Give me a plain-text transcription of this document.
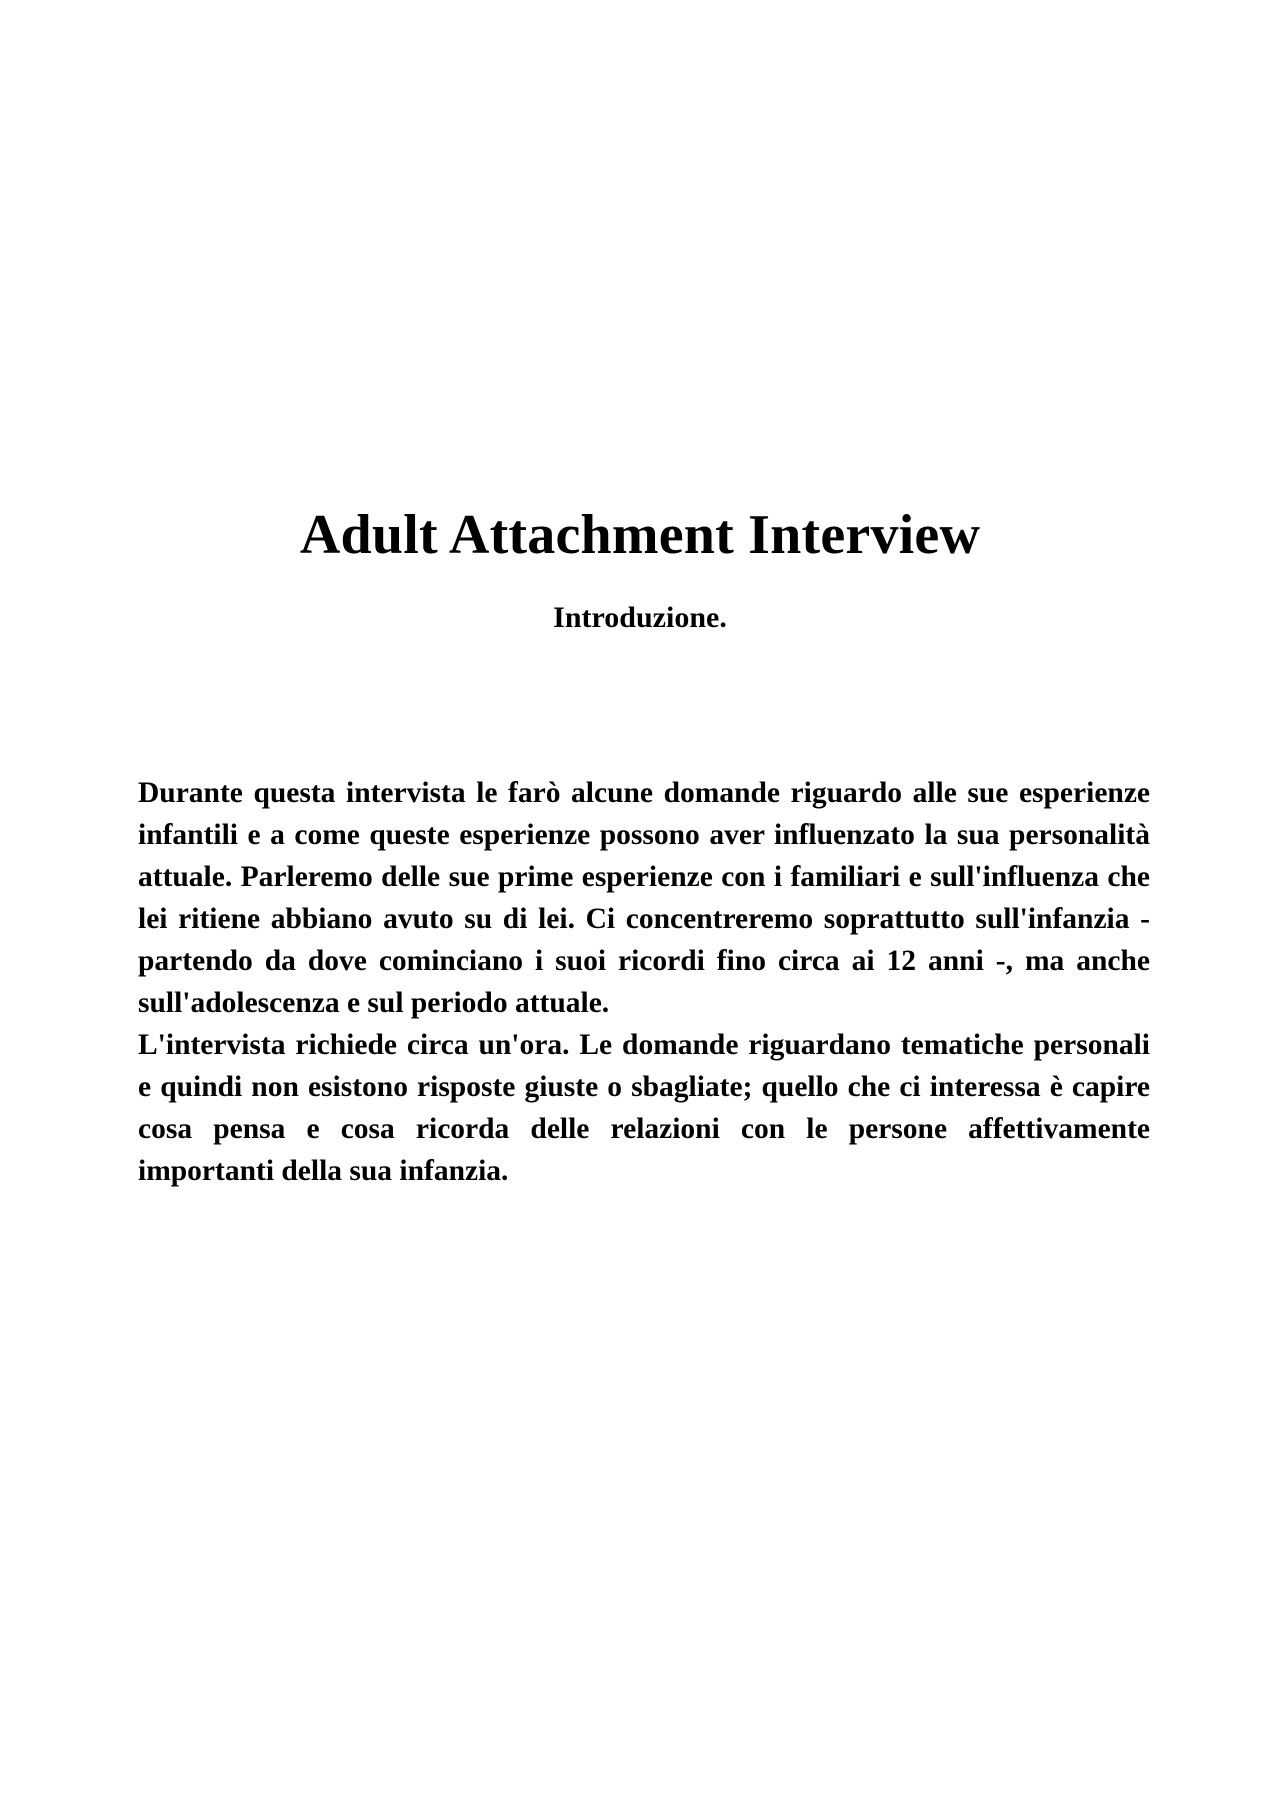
Adult Attachment Interview
Introduzione.

Durante questa intervista le farò alcune domande riguardo alle sue esperienze infantili e a come queste esperienze possono aver influenzato la sua personalità attuale. Parleremo delle sue prime esperienze con i familiari e sull'influenza che lei ritiene abbiano avuto su di lei. Ci concentreremo soprattutto sull'infanzia - partendo da dove cominciano i suoi ricordi fino circa ai 12 anni -, ma anche sull'adolescenza e sul periodo attuale.

L'intervista richiede circa un'ora. Le domande riguardano tematiche personali e quindi non esistono risposte giuste o sbagliate; quello che ci interessa è capire cosa pensa e cosa ricorda delle relazioni con le persone affettivamente importanti della sua infanzia.
